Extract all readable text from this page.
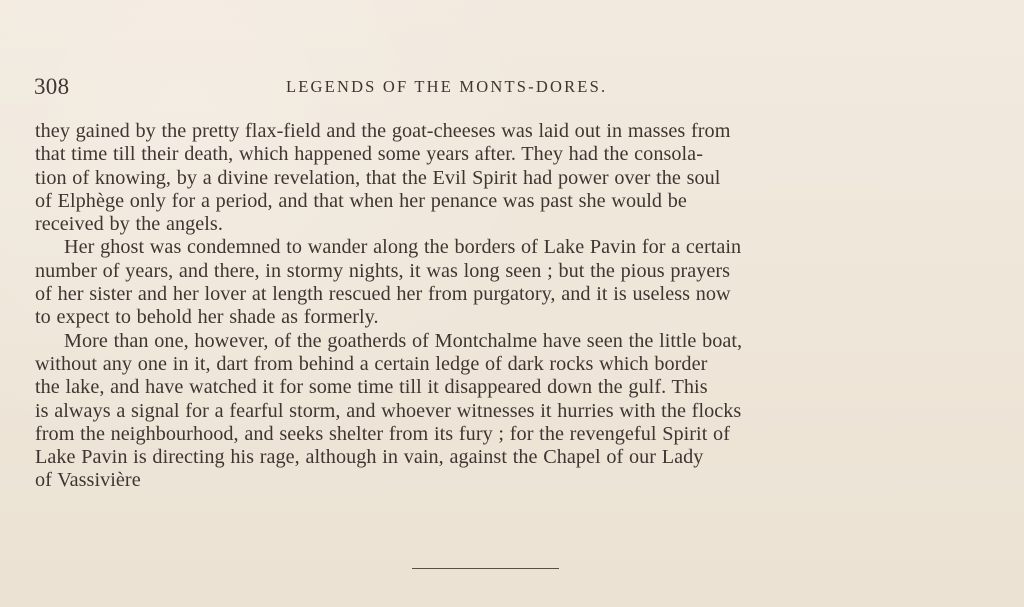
308	LEGENDS OF THE MONTS-DORES.
they gained by the pretty flax-field and the goat-cheeses was laid out in masses from
that time till their death, which happened some years after. They had the consola-
tion of knowing, by a divine revelation, that the Evil Spirit had power over the soul
of Elphège only for a period, and that when her penance was past she would be
received by the angels.
Her ghost was condemned to wander along the borders of Lake Pavin for a certain
number of years, and there, in stormy nights, it was long seen ; but the pious prayers
of her sister and her lover at length rescued her from purgatory, and it is useless now
to expect to behold her shade as formerly.
More than one, however, of the goatherds of Montchalme have seen the little boat,
without any one in it, dart from behind a certain ledge of dark rocks which border
the lake, and have watched it for some time till it disappeared down the gulf. This
is always a signal for a fearful storm, and whoever witnesses it hurries with the flocks
from the neighbourhood, and seeks shelter from its fury ; for the revengeful Spirit of
Lake Pavin is directing his rage, although in vain, against the Chapel of our Lady
of Vassivière
